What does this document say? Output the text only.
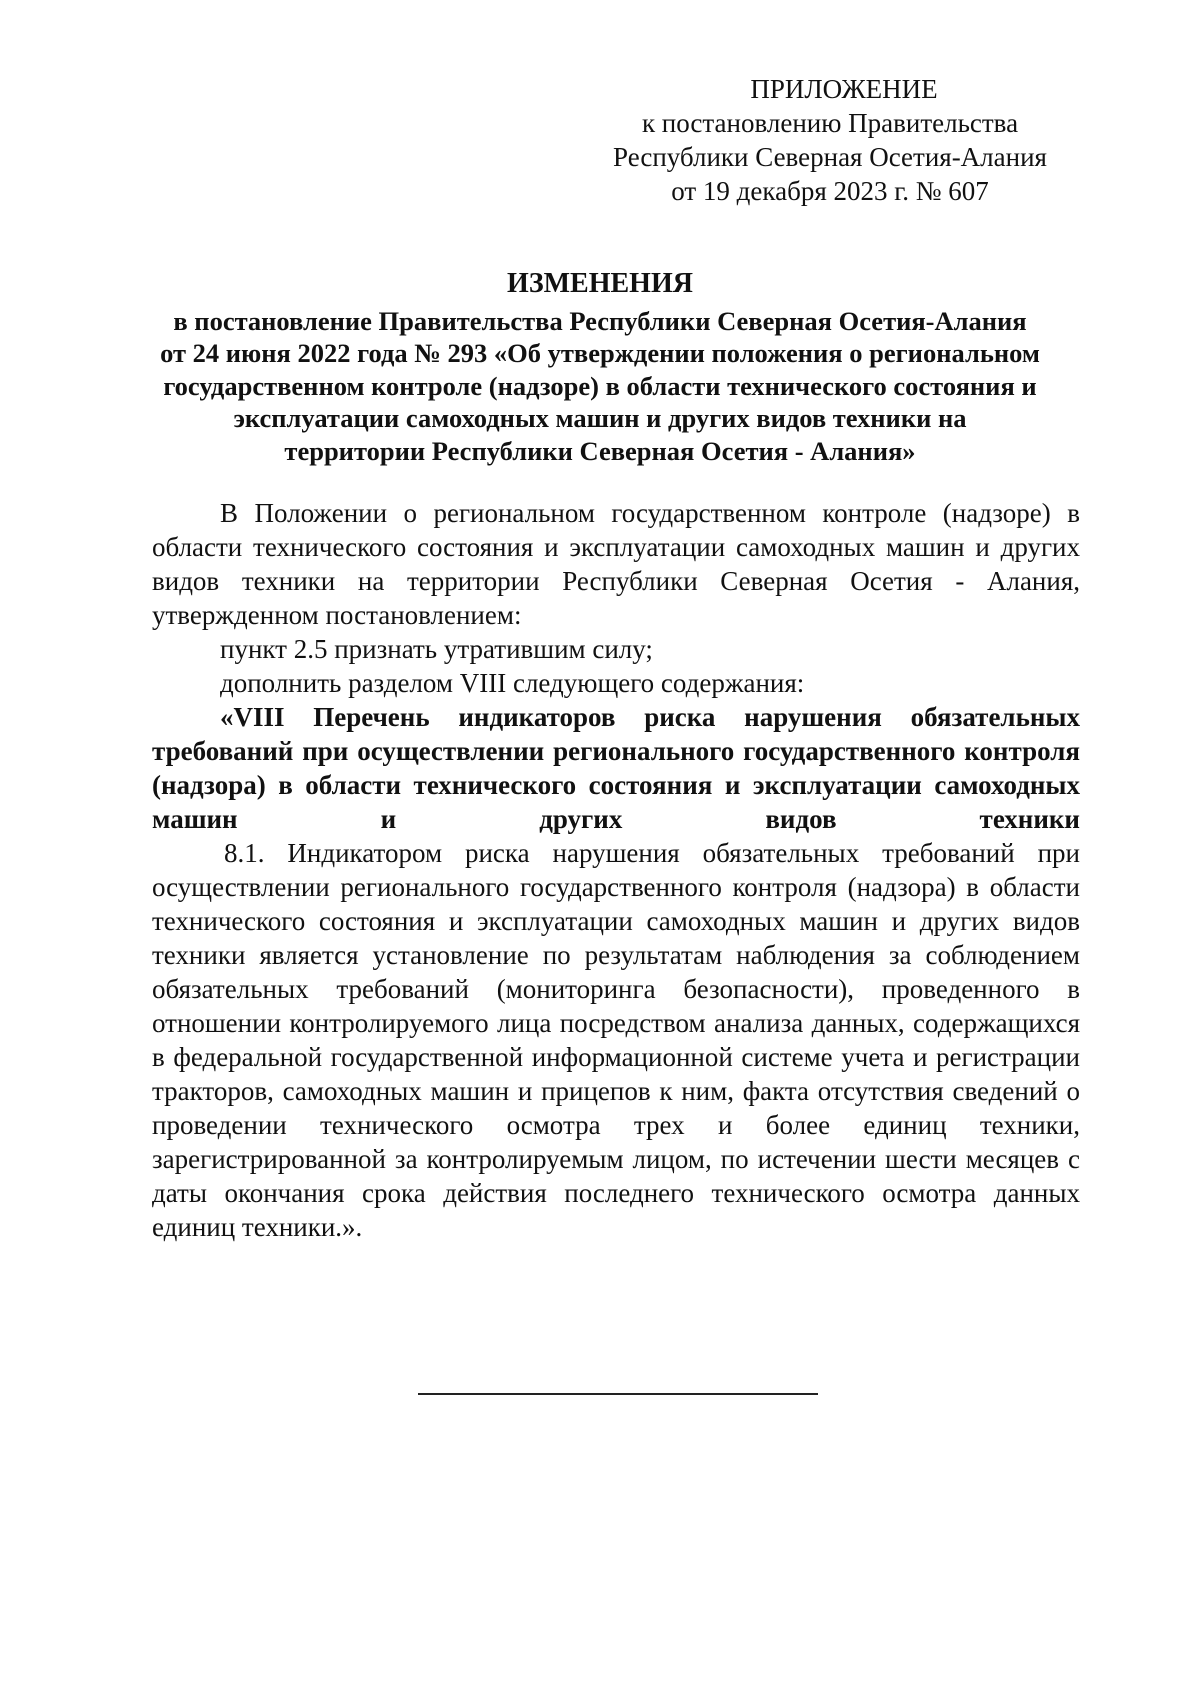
ПРИЛОЖЕНИЕ
к постановлению Правительства
Республики Северная Осетия-Алания
от 19 декабря 2023 г. № 607
ИЗМЕНЕНИЯ
в постановление Правительства Республики Северная Осетия-Алания
от 24 июня 2022 года № 293 «Об утверждении положения о региональном
государственном контроле (надзоре) в области технического состояния и
эксплуатации самоходных машин и других видов техники на
территории Республики Северная Осетия - Алания»

В Положении о региональном государственном контроле (надзоре) в области технического состояния и эксплуатации самоходных машин и других видов техники на территории Республики Северная Осетия - Алания, утвержденном постановлением:

пункт 2.5 признать утратившим силу;

дополнить разделом VIII следующего содержания:

«VIII Перечень индикаторов риска нарушения обязательных требований при осуществлении регионального государственного контроля (надзора) в области технического состояния и эксплуатации самоходных машин и других видов техники

8.1. Индикатором риска нарушения обязательных требований при осуществлении регионального государственного контроля (надзора) в области технического состояния и эксплуатации самоходных машин и других видов техники является установление по результатам наблюдения за соблюдением обязательных требований (мониторинга безопасности), проведенного в отношении контролируемого лица посредством анализа данных, содержащихся в федеральной государственной информационной системе учета и регистрации тракторов, самоходных машин и прицепов к ним, факта отсутствия сведений о проведении технического осмотра трех и более единиц техники, зарегистрированной за контролируемым лицом, по истечении шести месяцев с даты окончания срока действия последнего технического осмотра данных единиц техники.».
